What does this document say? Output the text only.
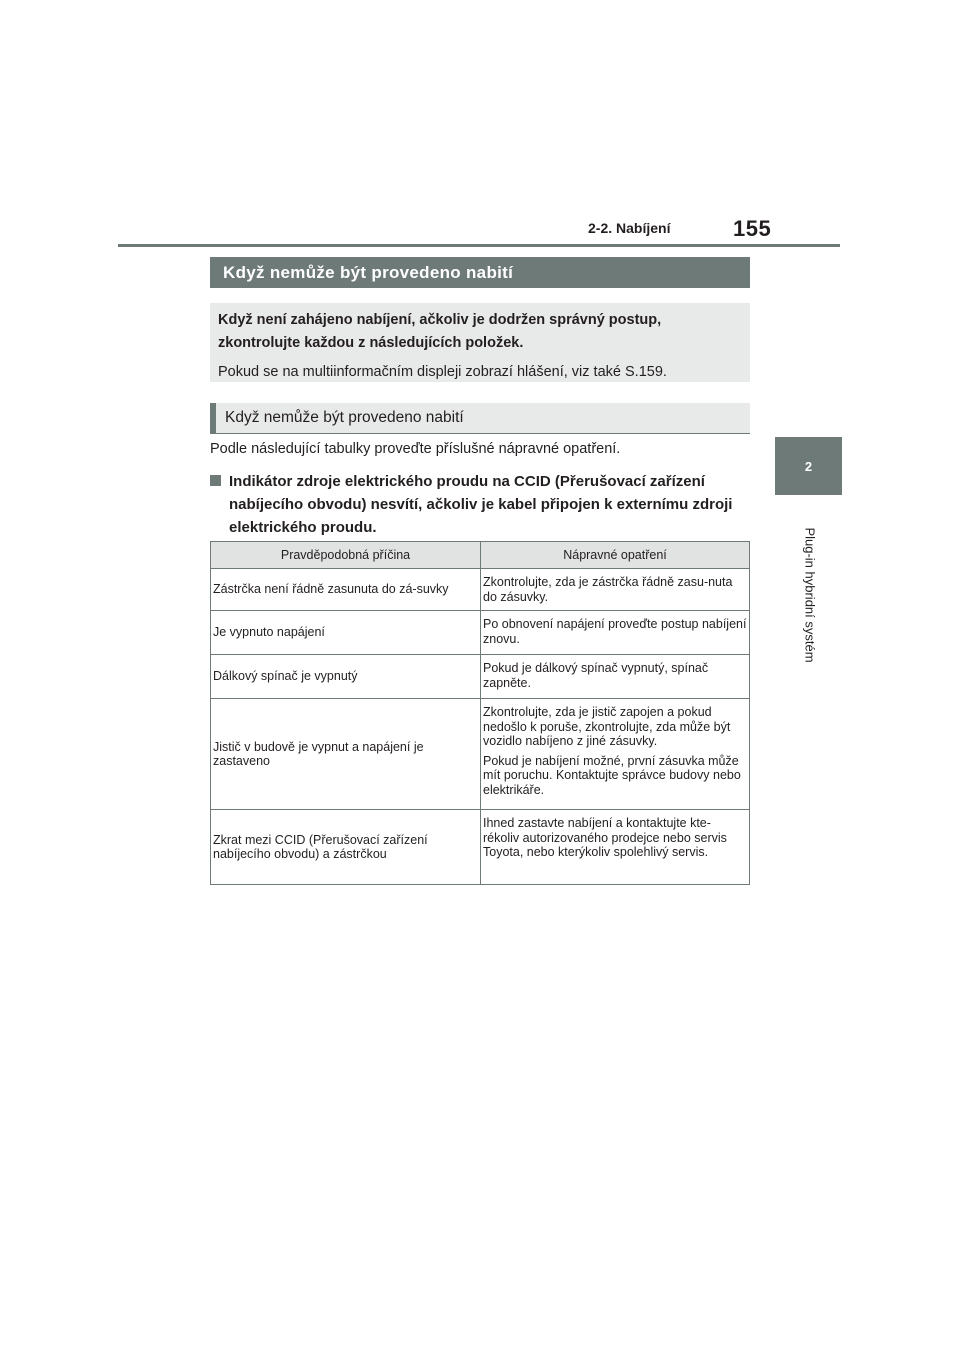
2-2. Nabíjení	155
2
Plug-in hybridní systém
Když nemůže být provedeno nabití
Když není zahájeno nabíjení, ačkoliv je dodržen správný postup, zkontrolujte každou z následujících položek.
Pokud se na multiinformačním displeji zobrazí hlášení, viz také S.159.
Když nemůže být provedeno nabití
Podle následující tabulky proveďte příslušné nápravné opatření.
Indikátor zdroje elektrického proudu na CCID (Přerušovací zařízení nabíjecího obvodu) nesvítí, ačkoliv je kabel připojen k externímu zdroji elektrického proudu.
Pravděpodobná příčina	Nápravné opatření
Zástrčka není řádně zasunuta do zá-suvky	Zkontrolujte, zda je zástrčka řádně zasu-nuta do zásuvky.

Je vypnuto napájení	Po obnovení napájení proveďte postup nabíjení znovu.

Dálkový spínač je vypnutý	Pokud je dálkový spínač vypnutý, spínač zapněte.

Jistič v budově je vypnut a napájení je zastaveno	Zkontrolujte, zda je jistič zapojen a pokud nedošlo k poruše, zkontrolujte, zda může být vozidlo nabíjeno z jiné zásuvky.
Pokud je nabíjení možné, první zásuvka může mít poruchu. Kontaktujte správce budovy nebo elektrikáře.

Zkrat mezi CCID (Přerušovací zařízení nabíjecího obvodu) a zástrčkou	Ihned zastavte nabíjení a kontaktujte kte-rékoliv autorizovaného prodejce nebo servis Toyota, nebo kterýkoliv spolehlivý servis.
